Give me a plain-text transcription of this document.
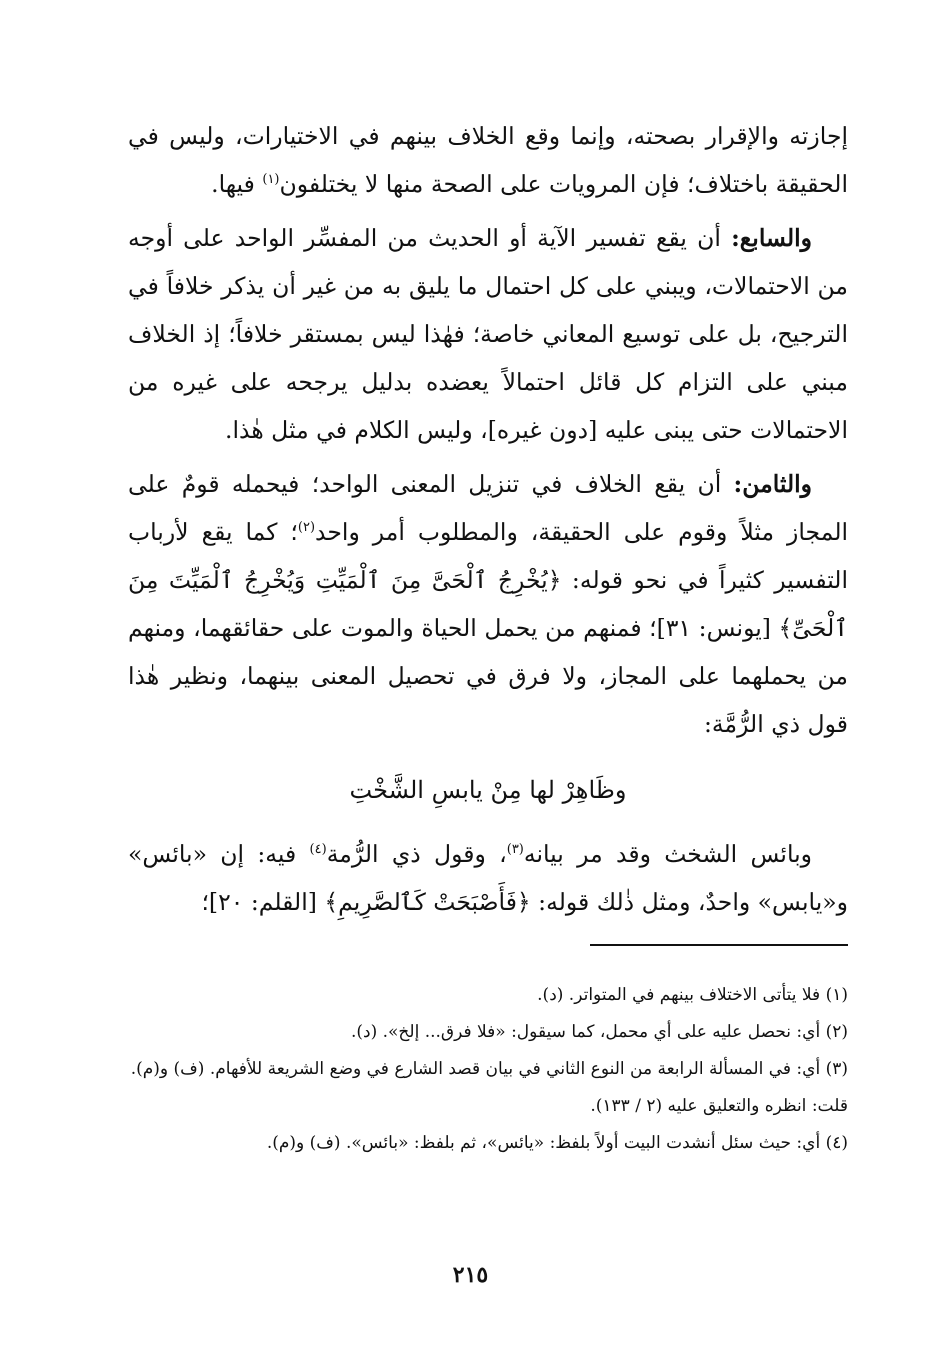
إجازته والإقرار بصحته، وإنما وقع الخلاف بينهم في الاختيارات، وليس في الحقيقة باختلاف؛ فإن المرويات على الصحة منها لا يختلفون$^{(١)}$ فيها.

والسابع: أن يقع تفسير الآية أو الحديث من المفسِّر الواحد على أوجه من الاحتمالات، ويبني على كل احتمال ما يليق به من غير أن يذكر خلافاً في الترجيح، بل على توسيع المعاني خاصة؛ فهٰذا ليس بمستقر خلافاً؛ إذ الخلاف مبني على التزام كل قائل احتمالاً يعضده بدليل يرجحه على غيره من الاحتمالات حتى يبنى عليه [دون غيره]، وليس الكلام في مثل هٰذا.

والثامن: أن يقع الخلاف في تنزيل المعنى الواحد؛ فيحمله قومٌ على المجاز مثلاً وقوم على الحقيقة، والمطلوب أمر واحد$^{(٢)}$؛ كما يقع لأرباب التفسير كثيراً في نحو قوله: ﴿يُخْرِجُ ٱلْحَىَّ مِنَ ٱلْمَيِّتِ وَيُخْرِجُ ٱلْمَيِّتَ مِنَ ٱلْحَىِّ﴾ [يونس: ٣١]؛ فمنهم من يحمل الحياة والموت على حقائقهما، ومنهم من يحملهما على المجاز، ولا فرق في تحصيل المعنى بينهما، ونظير هٰذا قول ذي الرُّمَّة:

وظَاهِرْ لها مِنْ يابسِ الشَّخْتِ

وبائس الشخث وقد مر بيانه$^{(٣)}$، وقول ذي الرُّمة$^{(٤)}$ فيه: إن «بائس» و«يابس» واحدٌ، ومثل ذٰلك قوله: ﴿فَأَصْبَحَتْ كَٱلصَّرِيمِ﴾ [القلم: ٢٠]؛

(١) فلا يتأتى الاختلاف بينهم في المتواتر. (د).

(٢) أي: نحصل عليه على أي محمل، كما سيقول: «فلا فرق... إلخ». (د).

(٣) أي: في المسألة الرابعة من النوع الثاني في بيان قصد الشارع في وضع الشريعة للأفهام. (ف) و(م).

قلت: انظره والتعليق عليه (٢ / ١٣٣).

(٤) أي: حيث سئل أنشدت البيت أولاً بلفظ: «يائس»، ثم بلفظ: «بائس». (ف) و(م).

٢١٥
